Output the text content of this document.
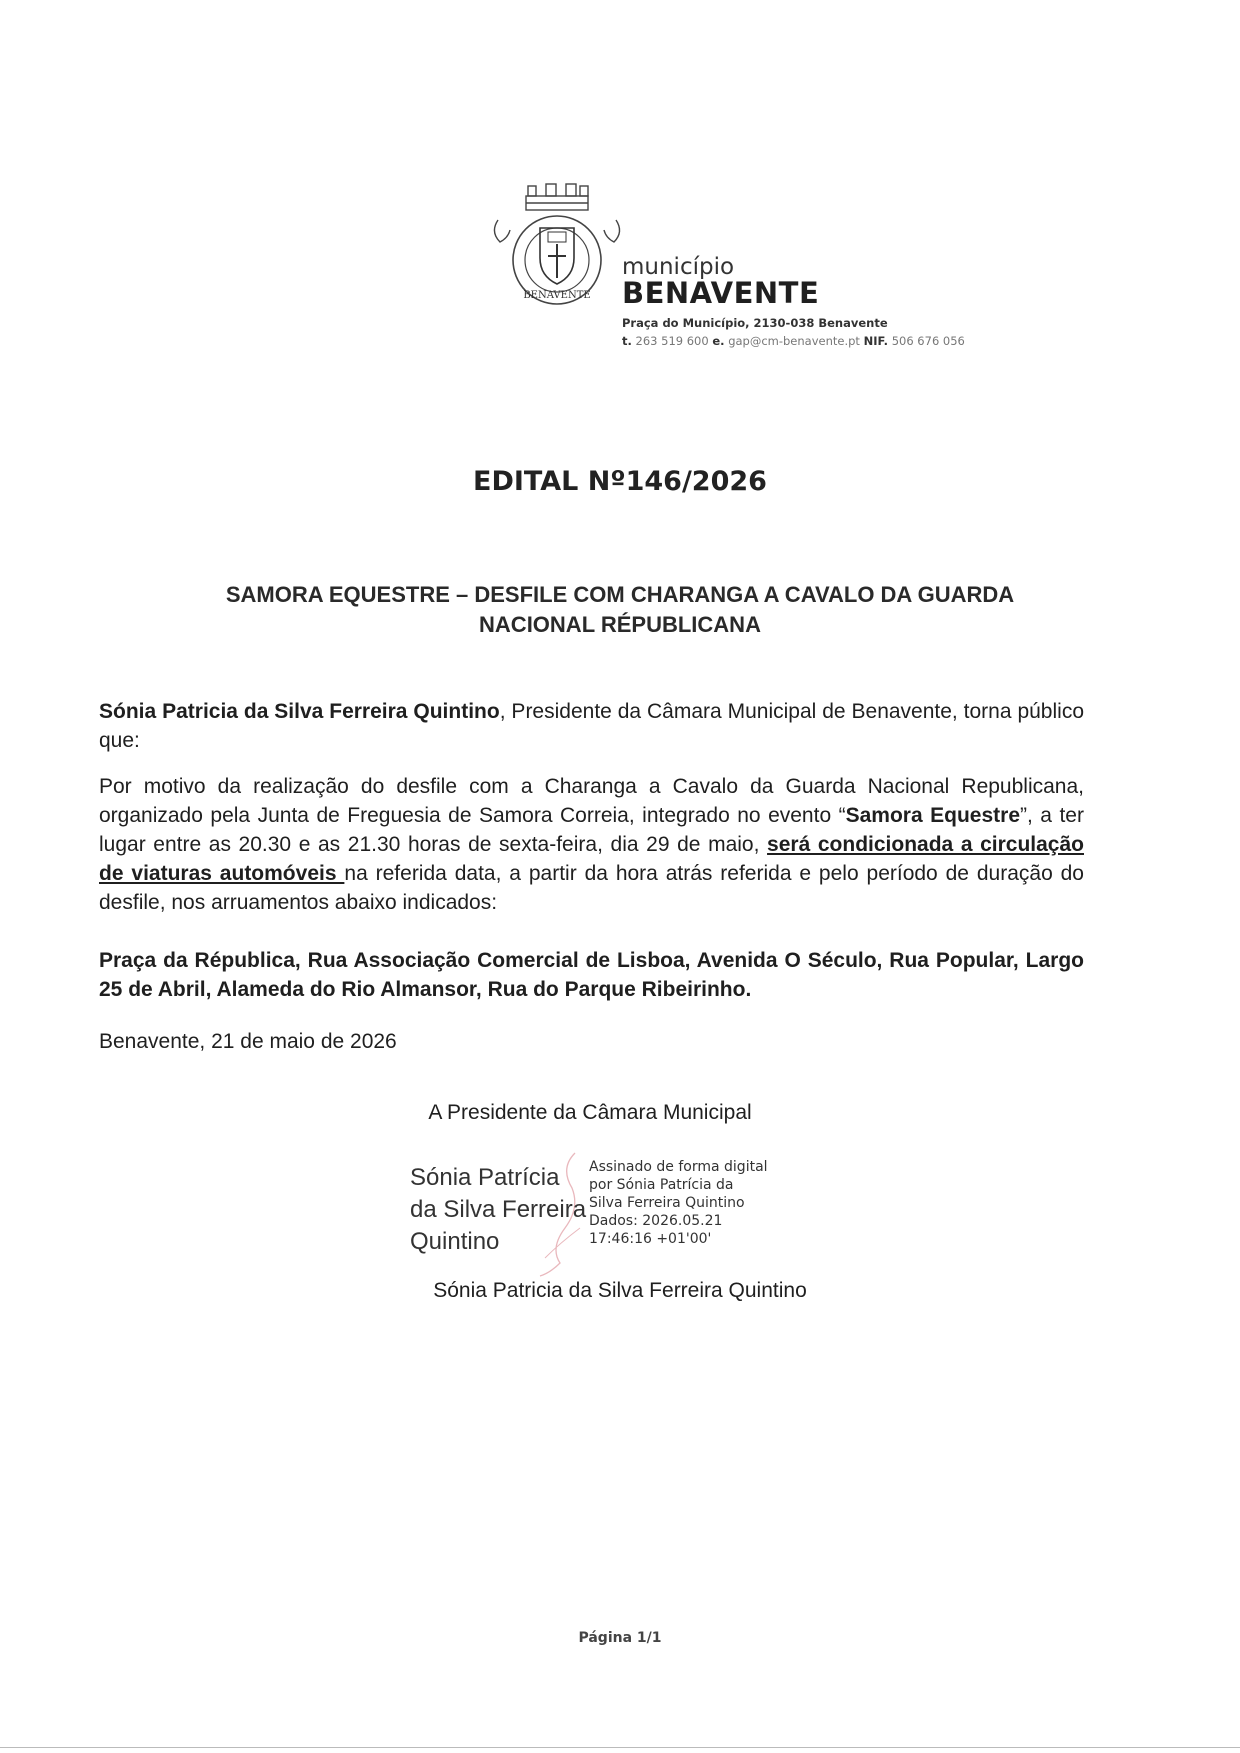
BENAVENTE
município
BENAVENTE
Praça do Município, 2130-038 Benavente
t. 263 519 600 e. gap@cm-benavente.pt NIF. 506 676 056
EDITAL Nº146/2026
SAMORA EQUESTRE – DESFILE COM CHARANGA A CAVALO DA GUARDA
NACIONAL RÉPUBLICANA
Sónia Patricia da Silva Ferreira Quintino, Presidente da Câmara Municipal de Benavente, torna público que:
Por motivo da realização do desfile com a Charanga a Cavalo da Guarda Nacional Republicana, organizado pela Junta de Freguesia de Samora Correia, integrado no evento “Samora Equestre”, a ter lugar entre as 20.30 e as 21.30 horas de sexta-feira, dia 29 de maio, será condicionada a circulação de viaturas automóveis na referida data, a partir da hora atrás referida e pelo período de duração do desfile, nos arruamentos abaixo indicados:
Praça da Républica, Rua Associação Comercial de Lisboa, Avenida O Século, Rua Popular, Largo 25 de Abril, Alameda do Rio Almansor, Rua do Parque Ribeirinho.
Benavente, 21 de maio de 2026
A Presidente da Câmara Municipal
Sónia Patrícia
da Silva Ferreira
Quintino
Assinado de forma digital
por Sónia Patrícia da
Silva Ferreira Quintino
Dados: 2026.05.21
17:46:16 +01'00'
Sónia Patricia da Silva Ferreira Quintino
Página 1/1
